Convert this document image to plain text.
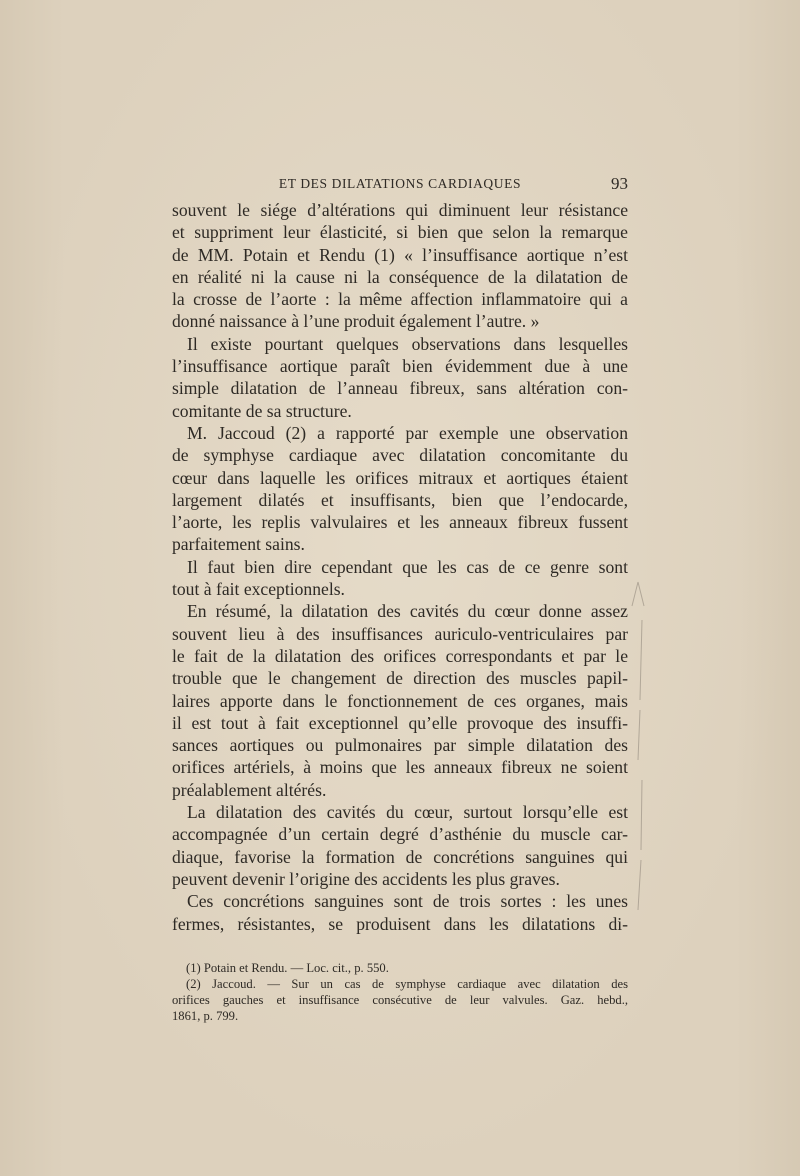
ET DES DILATATIONS CARDIAQUES	93
souvent le siége d’altérations qui diminuent leur résistance
et suppriment leur élasticité, si bien que selon la remarque
de MM. Potain et Rendu (1) « l’insuffisance aortique n’est
en réalité ni la cause ni la conséquence de la dilatation de
la crosse de l’aorte : la même affection inflammatoire qui a
donné naissance à l’une produit également l’autre. »
Il existe pourtant quelques observations dans lesquelles
l’insuffisance aortique paraît bien évidemment due à une
simple dilatation de l’anneau fibreux, sans altération con-
comitante de sa structure.
M. Jaccoud (2) a rapporté par exemple une observation
de symphyse cardiaque avec dilatation concomitante du
cœur dans laquelle les orifices mitraux et aortiques étaient
largement dilatés et insuffisants, bien que l’endocarde,
l’aorte, les replis valvulaires et les anneaux fibreux fussent
parfaitement sains.
Il faut bien dire cependant que les cas de ce genre sont
tout à fait exceptionnels.
En résumé, la dilatation des cavités du cœur donne assez
souvent lieu à des insuffisances auriculo-ventriculaires par
le fait de la dilatation des orifices correspondants et par le
trouble que le changement de direction des muscles papil-
laires apporte dans le fonctionnement de ces organes, mais
il est tout à fait exceptionnel qu’elle provoque des insuffi-
sances aortiques ou pulmonaires par simple dilatation des
orifices artériels, à moins que les anneaux fibreux ne soient
préalablement altérés.
La dilatation des cavités du cœur, surtout lorsqu’elle est
accompagnée d’un certain degré d’asthénie du muscle car-
diaque, favorise la formation de concrétions sanguines qui
peuvent devenir l’origine des accidents les plus graves.
Ces concrétions sanguines sont de trois sortes : les unes
fermes, résistantes, se produisent dans les dilatations di-
(1) Potain et Rendu. — Loc. cit., p. 550.
(2) Jaccoud. — Sur un cas de symphyse cardiaque avec dilatation des
orifices gauches et insuffisance consécutive de leur valvules. Gaz. hebd.,
1861, p. 799.
